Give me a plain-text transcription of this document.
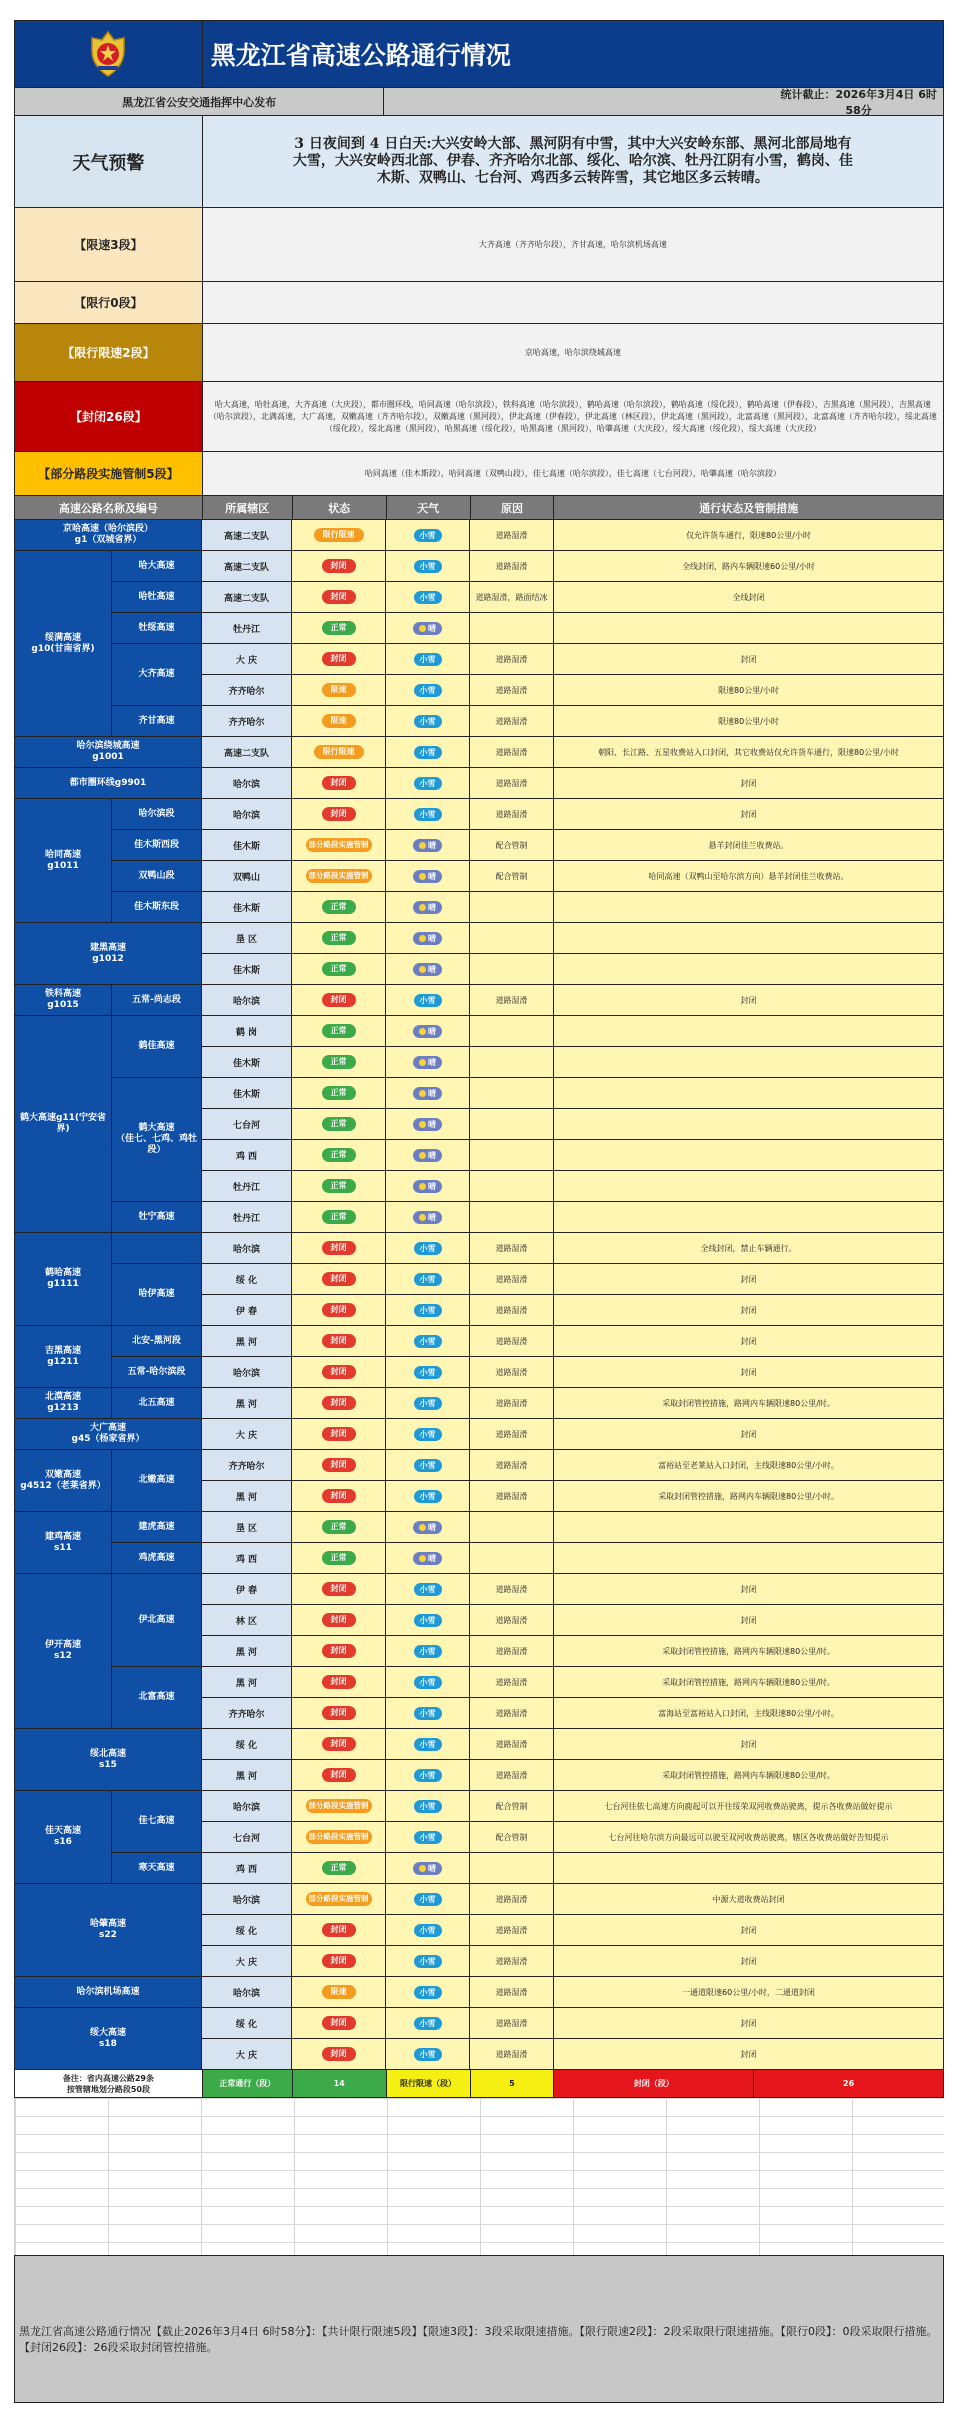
黑龙江省高速公路通行情况
黑龙江省公安交通指挥中心发布
统计截止：2026年3月4日 6时58分
天气预警
3 日夜间到 4 日白天:大兴安岭大部、黑河阴有中雪，其中大兴安岭东部、黑河北部局地有大雪，大兴安岭西北部、伊春、齐齐哈尔北部、绥化、哈尔滨、牡丹江阴有小雪，鹤岗、佳木斯、双鸭山、七台河、鸡西多云转阵雪，其它地区多云转晴。
【限速3段】	大齐高速（齐齐哈尔段），齐甘高速，哈尔滨机场高速
【限行0段】
【限行限速2段】	京哈高速，哈尔滨绕城高速
【封闭26段】
哈大高速，哈牡高速，大齐高速（大庆段），都市圈环线，哈同高速（哈尔滨段），铁科高速（哈尔滨段），鹤哈高速（哈尔滨段），鹤哈高速（绥化段），鹤哈高速（伊春段），吉黑高速（黑河段），吉黑高速（哈尔滨段），北满高速，大广高速，双嫩高速（齐齐哈尔段），双嫩高速（黑河段），伊北高速（伊春段），伊北高速（林区段），伊北高速（黑河段），北富高速（黑河段），北富高速（齐齐哈尔段），绥北高速（绥化段），绥北高速（黑河段），哈黑高速（绥化段），哈黑高速（黑河段），哈肇高速（大庆段），绥大高速（绥化段），绥大高速（大庆段）
【部分路段实施管制5段】	哈同高速（佳木斯段），哈同高速（双鸭山段），佳七高速（哈尔滨段），佳七高速（七台河段），哈肇高速（哈尔滨段）
高速公路名称及编号	所属辖区	状态	天气	原因	通行状态及管制措施
京哈高速（哈尔滨段）
g1（双城省界）	高速二支队	限行限速	小雪	道路湿滑	仅允许货车通行，限速80公里/小时
绥满高速
g10(甘南省界)
哈大高速	高速二支队	封闭	小雪	道路湿滑	全线封闭，路内车辆限速60公里/小时
哈牡高速	高速二支队	封闭	小雪	道路湿滑，路面结冰	全线封闭
牡绥高速	牡丹江	正常	晴
大齐高速
大 庆	封闭	小雪	道路湿滑	封闭
齐齐哈尔	限速	小雪	道路湿滑	限速80公里/小时
齐甘高速	齐齐哈尔	限速	小雪	道路湿滑	限速80公里/小时
哈尔滨绕城高速
g1001	高速二支队	限行限速	小雪	道路湿滑	朝阳、长江路、五星收费站入口封闭，其它收费站仅允许货车通行，限速80公里/小时
都市圈环线g9901	哈尔滨	封闭	小雪	道路湿滑	封闭
哈同高速
g1011
哈尔滨段	哈尔滨	封闭	小雪	道路湿滑	封闭
佳木斯西段	佳木斯	部分路段实施管制	晴	配合管制	悬羊封闭佳兰收费站。
双鸭山段	双鸭山	部分路段实施管制	晴	配合管制	哈同高速（双鸭山至哈尔滨方向）悬羊封闭佳兰收费站。
佳木斯东段	佳木斯	正常	晴
建黑高速
g1012
垦 区	正常	晴
佳木斯	正常	晴
铁科高速
g1015
五常-尚志段	哈尔滨	封闭	小雪	道路湿滑	封闭
鹤大高速g11(宁安省界)
鹤佳高速
鹤 岗	正常	晴
佳木斯	正常	晴
鹤大高速
（佳七、七鸡、鸡牡段）
佳木斯	正常	晴
七台河	正常	晴
鸡 西	正常	晴
牡丹江	正常	晴
牡宁高速	牡丹江	正常	晴
鹤哈高速
g1111
哈尔滨	封闭	小雪	道路湿滑	全线封闭，禁止车辆通行。
哈伊高速
绥 化	封闭	小雪	道路湿滑	封闭
伊 春	封闭	小雪	道路湿滑	封闭
吉黑高速
g1211
北安-黑河段	黑 河	封闭	小雪	道路湿滑	封闭
五常-哈尔滨段	哈尔滨	封闭	小雪	道路湿滑	封闭
北漠高速
g1213
北五高速	黑 河	封闭	小雪	道路湿滑	采取封闭管控措施，路网内车辆限速80公里/时。
大广高速
g45（杨家省界）	大 庆	封闭	小雪	道路湿滑	封闭
双嫩高速
g4512（老莱省界）
北嫩高速
齐齐哈尔	封闭	小雪	道路湿滑	富裕站至老莱站入口封闭，主线限速80公里/小时。
黑 河	封闭	小雪	道路湿滑	采取封闭管控措施，路网内车辆限速80公里/小时。
建鸡高速
s11
建虎高速	垦 区	正常	晴
鸡虎高速	鸡 西	正常	晴
伊开高速
s12
伊北高速
伊 春	封闭	小雪	道路湿滑	封闭
林 区	封闭	小雪	道路湿滑	封闭
黑 河	封闭	小雪	道路湿滑	采取封闭管控措施，路网内车辆限速80公里/时。
北富高速
黑 河	封闭	小雪	道路湿滑	采取封闭管控措施，路网内车辆限速80公里/时。
齐齐哈尔	封闭	小雪	道路湿滑	富海站至富裕站入口封闭，主线限速80公里/小时。
绥北高速
s15
绥 化	封闭	小雪	道路湿滑	封闭
黑 河	封闭	小雪	道路湿滑	采取封闭管控措施，路网内车辆限速80公里/时。
佳天高速
s16
佳七高速
哈尔滨	部分路段实施管制	小雪	配合管制	七台河往依七高速方向鹿起可以开往绥荣双河收费站驶离，提示各收费站做好提示
七台河	部分路段实施管制	小雪	配合管制	七台河往哈尔滨方向最远可以驶至双河收费站驶离，辖区各收费站做好告知提示
寒天高速	鸡 西	正常	晴
哈肇高速
s22
哈尔滨	部分路段实施管制	小雪	道路湿滑	中源大道收费站封闭
绥 化	封闭	小雪	道路湿滑	封闭
大 庆	封闭	小雪	道路湿滑	封闭
哈尔滨机场高速	哈尔滨	限速	小雪	道路湿滑	一通道限速60公里/小时，二通道封闭
绥大高速
s18
绥 化	封闭	小雪	道路湿滑	封闭
大 庆	封闭	小雪	道路湿滑	封闭
备注：省内高速公路29条
按管辖地划分路段50段
正常通行（段）	14	限行限速（段）	5	封闭（段）	26
黑龙江省高速公路通行情况【截止2026年3月4日 6时58分】：【共计限行限速5段】【限速3段】：3段采取限速措施。【限行限速2段】：2段采取限行限速措施。【限行0段】：0段采取限行措施。【封闭26段】：26段采取封闭管控措施。
